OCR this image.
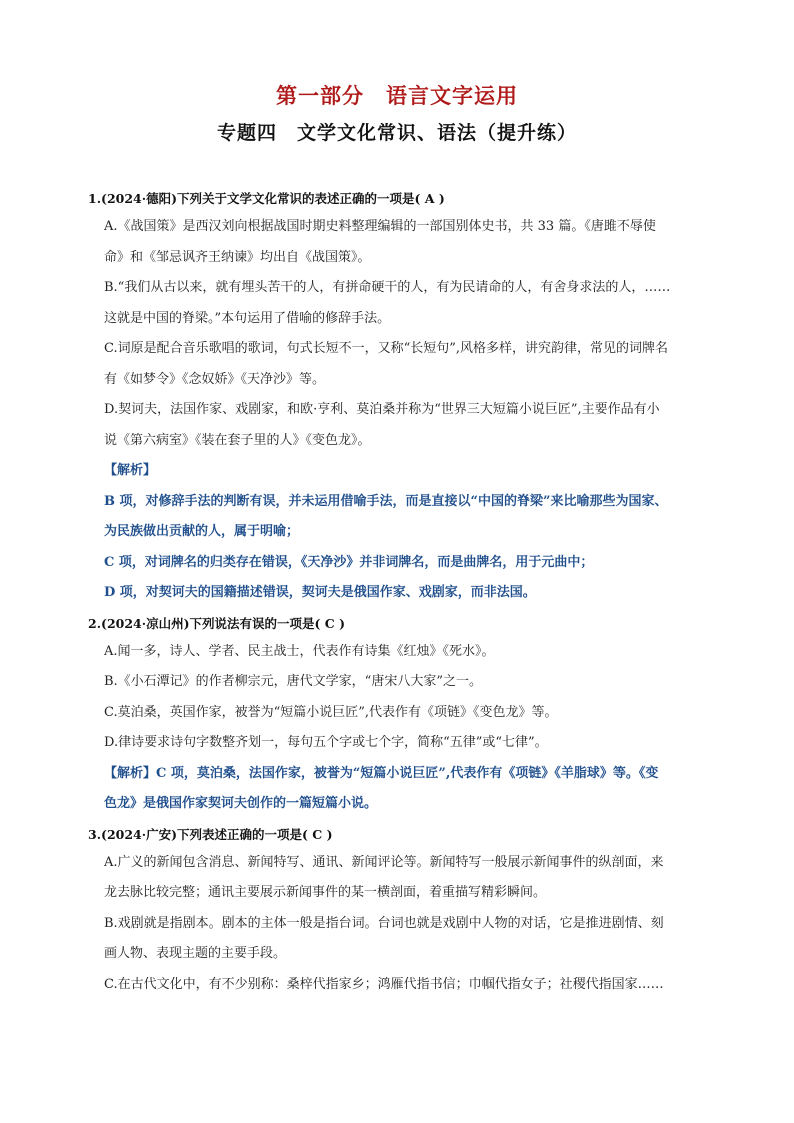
第一部分　语言文字运用
专题四　文学文化常识、语法（提升练）

1.(2024·德阳)下列关于文学文化常识的表述正确的一项是( A )

A.《战国策》是西汉刘向根据战国时期史料整理编辑的一部国别体史书，共 33 篇。《唐雎不辱使

命》和《邹忌讽齐王纳谏》均出自《战国策》。

B.“我们从古以来，就有埋头苦干的人，有拼命硬干的人，有为民请命的人，有舍身求法的人，……

这就是中国的脊梁。”本句运用了借喻的修辞手法。

C.词原是配合音乐歌唱的歌词，句式长短不一，又称“长短句”,风格多样，讲究韵律，常见的词牌名

有《如梦令》《念奴娇》《天净沙》等。

D.契诃夫，法国作家、戏剧家，和欧·亨利、莫泊桑并称为“世界三大短篇小说巨匠”,主要作品有小

说《第六病室》《装在套子里的人》《变色龙》。

【解析】

B 项，对修辞手法的判断有误，并未运用借喻手法，而是直接以“中国的脊梁”来比喻那些为国家、

为民族做出贡献的人，属于明喻；

C 项，对词牌名的归类存在错误，《天净沙》并非词牌名，而是曲牌名，用于元曲中；

D 项，对契诃夫的国籍描述错误，契诃夫是俄国作家、戏剧家，而非法国。

2.(2024·凉山州)下列说法有误的一项是( C )

A.闻一多，诗人、学者、民主战士，代表作有诗集《红烛》《死水》。

B.《小石潭记》的作者柳宗元，唐代文学家，“唐宋八大家”之一。

C.莫泊桑，英国作家，被誉为“短篇小说巨匠”,代表作有《项链》《变色龙》等。

D.律诗要求诗句字数整齐划一，每句五个字或七个字，简称“五律”或“七律”。

【解析】C 项，莫泊桑，法国作家，被誉为“短篇小说巨匠”,代表作有《项链》《羊脂球》等。《变

色龙》是俄国作家契诃夫创作的一篇短篇小说。

3.(2024·广安)下列表述正确的一项是( C )

A.广义的新闻包含消息、新闻特写、通讯、新闻评论等。新闻特写一般展示新闻事件的纵剖面，来

龙去脉比较完整；通讯主要展示新闻事件的某一横剖面，着重描写精彩瞬间。

B.戏剧就是指剧本。剧本的主体一般是指台词。台词也就是戏剧中人物的对话，它是推进剧情、刻

画人物、表现主题的主要手段。

C.在古代文化中，有不少别称：桑梓代指家乡；鸿雁代指书信；巾帼代指女子；社稷代指国家……
